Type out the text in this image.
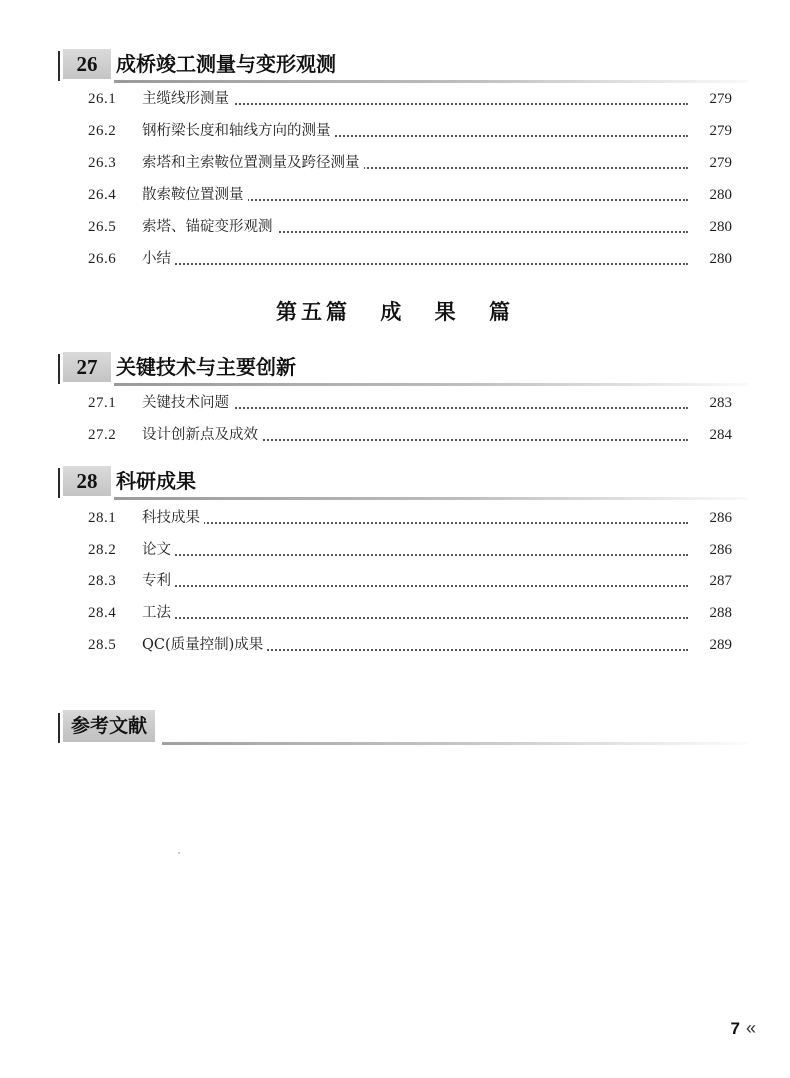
26 成桥竣工测量与变形观测
26.1 主缆线形测量	279
26.2 钢桁梁长度和轴线方向的测量	279
26.3 索塔和主索鞍位置测量及跨径测量	279
26.4 散索鞍位置测量	280
26.5 索塔、锚碇变形观测	280
26.6 小结	280
第五篇 成 果 篇
27 关键技术与主要创新
27.1 关键技术问题	283
27.2 设计创新点及成效	284
28 科研成果
28.1 科技成果	286
28.2 论文	286
28.3 专利	287
28.4 工法	288
28.5 QC(质量控制)成果	289
参考文献
7 «
